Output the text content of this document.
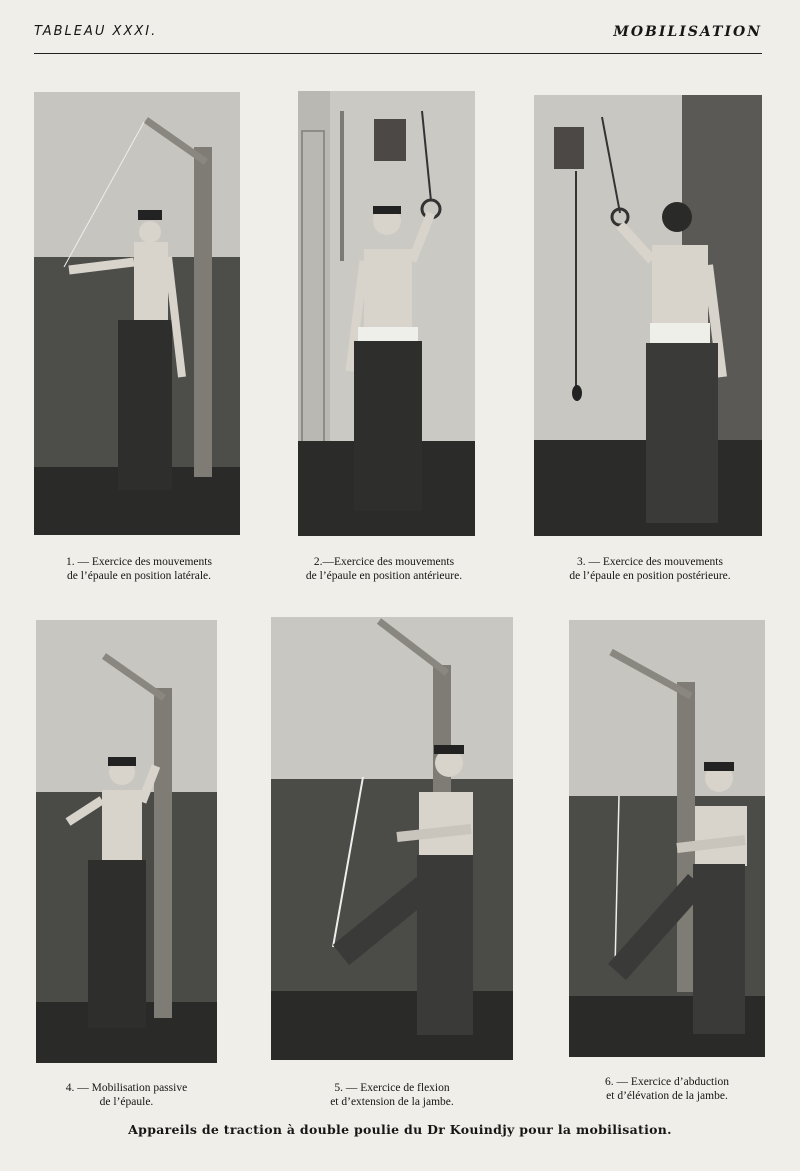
TABLEAU XXXI.	MOBILISATION
1. — Exercice des mouvements
de l’épaule en position latérale.
2.—Exercice des mouvements
de l’épaule en position antérieure.
3. — Exercice des mouvements
de l’épaule en position postérieure.
4. — Mobilisation passive
de l’épaule.
5. — Exercice de flexion
et d’extension de la jambe.
6. — Exercice d’abduction
et d’élévation de la jambe.
Appareils de traction à double poulie du Dr Kouindjy pour la mobilisation.
